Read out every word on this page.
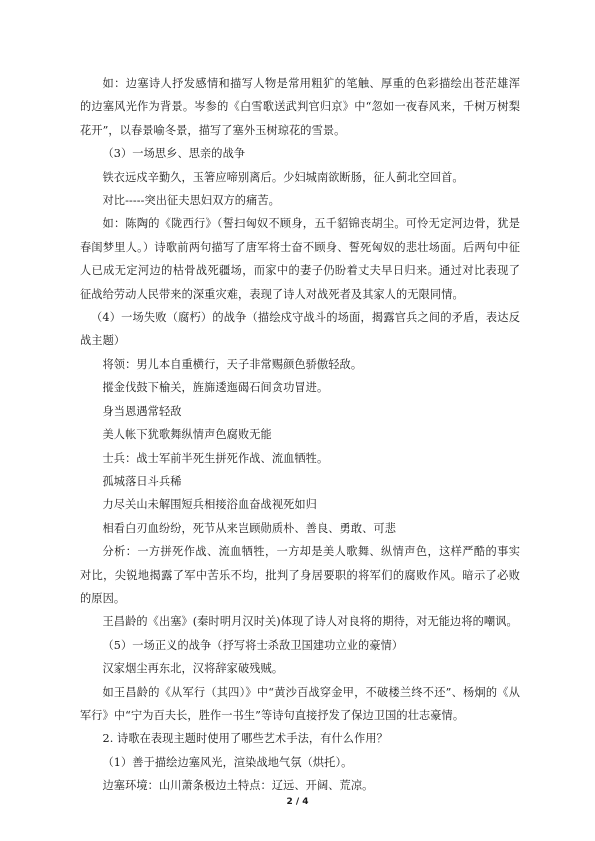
如：边塞诗人抒发感情和描写人物是常用粗犷的笔触、厚重的色彩描绘出苍茫雄浑的边塞风光作为背景。岑参的《白雪歌送武判官归京》中“忽如一夜春风来，千树万树梨花开”，以春景喻冬景，描写了塞外玉树琼花的雪景。

（3）一场思乡、思亲的战争

铁衣远戍辛勤久，玉箸应啼别离后。少妇城南欲断肠，征人蓟北空回首。

对比-----突出征夫思妇双方的痛苦。

如：陈陶的《陇西行》（誓扫匈奴不顾身，五千貂锦丧胡尘。可怜无定河边骨，犹是春闺梦里人。）诗歌前两句描写了唐军将士奋不顾身、誓死匈奴的悲壮场面。后两句中征人已成无定河边的枯骨战死疆场，而家中的妻子仍盼着丈夫早日归来。通过对比表现了征战给劳动人民带来的深重灾难，表现了诗人对战死者及其家人的无限同情。

（4）一场失败（腐朽）的战争（描绘戍守战斗的场面，揭露官兵之间的矛盾，表达反战主题）

将领：男儿本自重横行，天子非常赐颜色骄傲轻敌。

摐金伐鼓下榆关，旌旆逶迤碣石间贪功冒进。

身当恩遇常轻敌

美人帐下犹歌舞纵情声色腐败无能

士兵：战士军前半死生拼死作战、流血牺牲。

孤城落日斗兵稀

力尽关山未解围短兵相接浴血奋战视死如归

相看白刃血纷纷，死节从来岂顾勋质朴、善良、勇敢、可悲

分析：一方拼死作战、流血牺牲，一方却是美人歌舞、纵情声色，这样严酷的事实对比，尖锐地揭露了军中苦乐不均，批判了身居要职的将军们的腐败作风。暗示了必败的原因。

王昌龄的《出塞》(秦时明月汉时关)体现了诗人对良将的期待，对无能边将的嘲讽。

（5）一场正义的战争（抒写将士杀敌卫国建功立业的豪情）

汉家烟尘再东北，汉将辞家破残贼。

如王昌龄的《从军行（其四）》中“黄沙百战穿金甲，不破楼兰终不还”、杨炯的《从军行》中“宁为百夫长，胜作一书生”等诗句直接抒发了保边卫国的壮志豪情。

2. 诗歌在表现主题时使用了哪些艺术手法，有什么作用？

（1）善于描绘边塞风光，渲染战地气氛（烘托）。

边塞环境：山川萧条极边土特点：辽远、开阔、荒凉。

2 / 4
